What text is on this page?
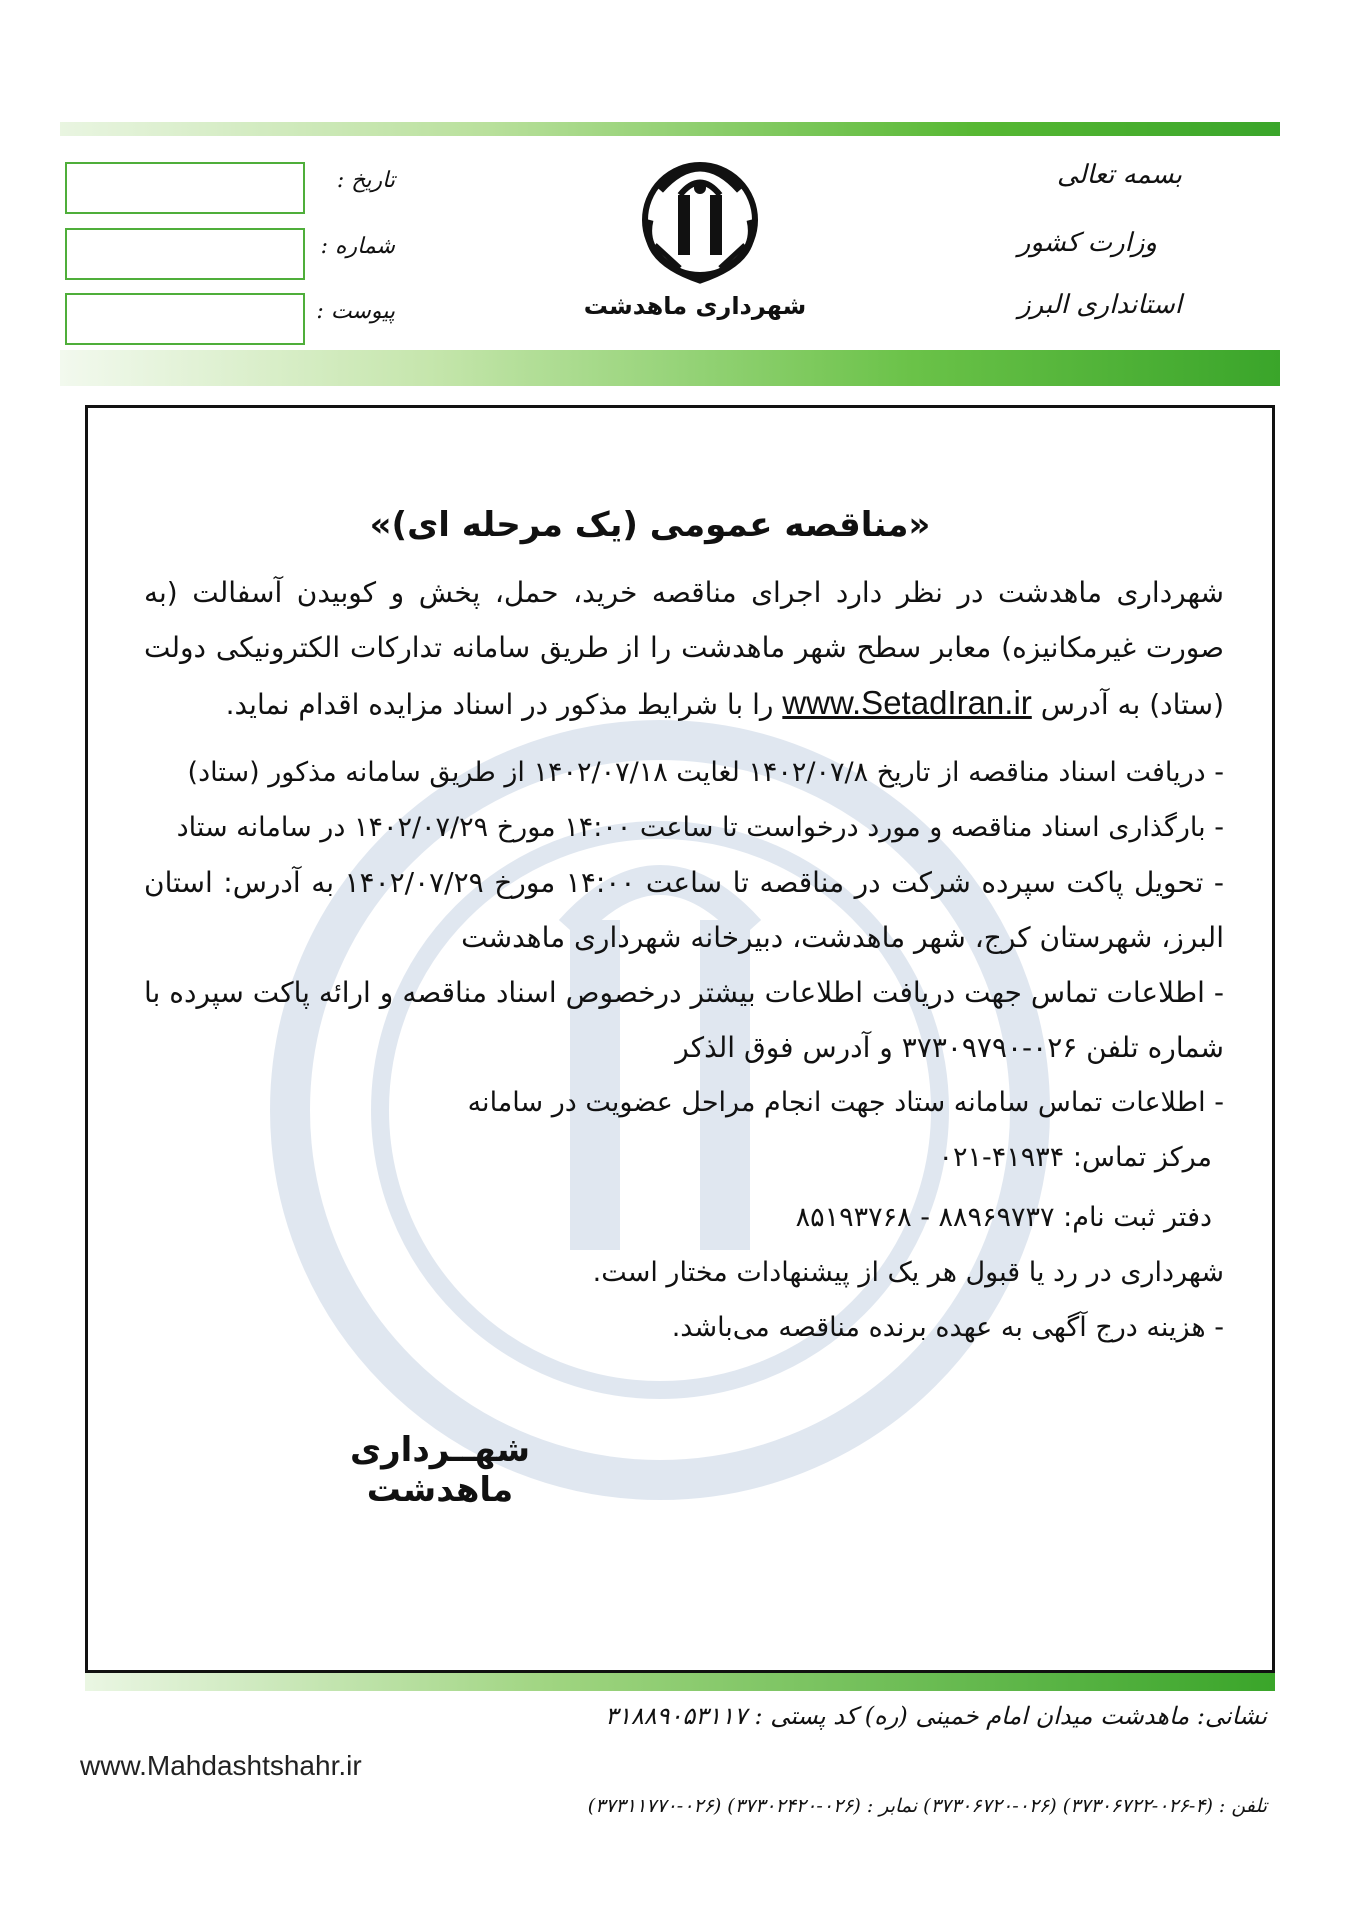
تاریخ :
شماره :
پیوست :	شهرداری ماهدشت
بسمه تعالی
وزارت کشور
استانداری البرز
«مناقصه عمومی (یک مرحله ای)»
شهرداری ماهدشت در نظر دارد اجرای مناقصه خرید، حمل، پخش و کوبیدن آسفالت (به صورت غیرمکانیزه) معابر سطح شهر ماهدشت را از طریق سامانه تدارکات الکترونیکی دولت (ستاد) به آدرس www.SetadIran.ir را با شرایط مذکور در اسناد مزایده اقدام نماید.
- دریافت اسناد مناقصه از تاریخ ۱۴۰۲/۰۷/۸ لغایت ۱۴۰۲/۰۷/۱۸ از طریق سامانه مذکور (ستاد)
- بارگذاری اسناد مناقصه و مورد درخواست تا ساعت ۱۴:۰۰ مورخ ۱۴۰۲/۰۷/۲۹ در سامانه ستاد
- تحویل پاکت سپرده شرکت در مناقصه تا ساعت ۱۴:۰۰ مورخ ۱۴۰۲/۰۷/۲۹ به آدرس: استان البرز، شهرستان کرج، شهر ماهدشت، دبیرخانه شهرداری ماهدشت
- اطلاعات تماس جهت دریافت اطلاعات بیشتر درخصوص اسناد مناقصه و ارائه پاکت سپرده با شماره تلفن ۰۲۶-۳۷۳۰۹۷۹۰ و آدرس فوق الذکر
- اطلاعات تماس سامانه ستاد جهت انجام مراحل عضویت در سامانه
مرکز تماس: ۴۱۹۳۴-۰۲۱
دفتر ثبت نام: ۸۸۹۶۹۷۳۷ - ۸۵۱۹۳۷۶۸
شهرداری در رد یا قبول هر یک از پیشنهادات مختار است.
- هزینه درج آگهی به عهده برنده مناقصه می‌باشد.
شهــرداری ماهدشت
نشانی: ماهدشت میدان امام خمینی (ره) کد پستی : ۳۱۸۸۹۰۵۳۱۱۷
www.Mahdashtshahr.ir
تلفن : (۴-۰۲۶-۳۷۳۰۶۷۲۲) (۰۲۶-۳۷۳۰۶۷۲۰) نمابر : (۰۲۶-۳۷۳۰۲۴۲۰) (۰۲۶-۳۷۳۱۱۷۷۰)
